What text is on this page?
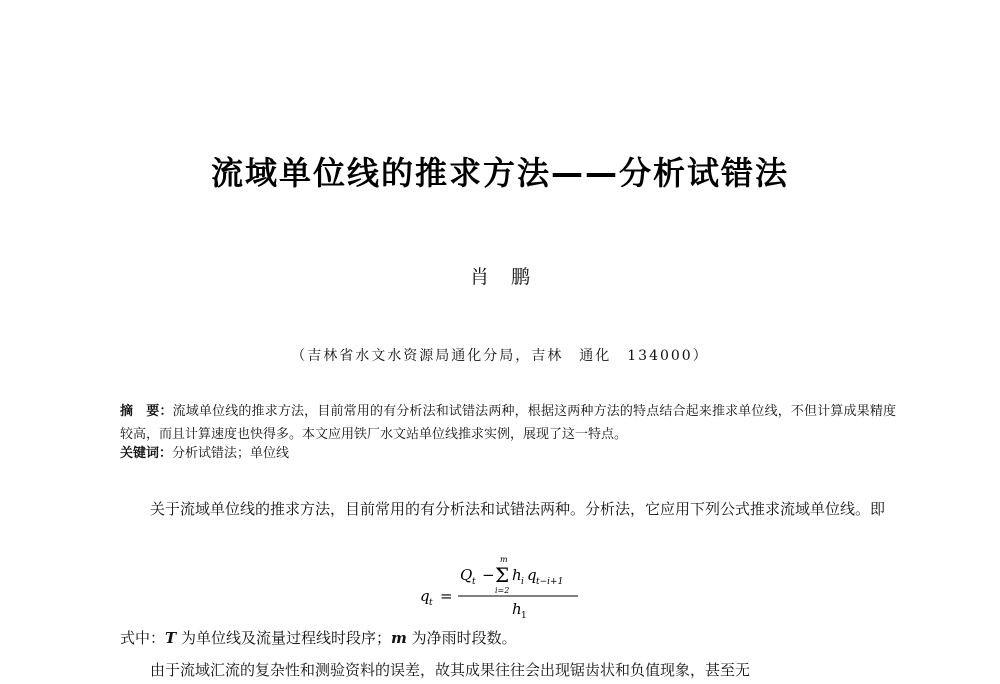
流域单位线的推求方法——分析试错法
肖鹏
（吉林省水文水资源局通化分局，吉林　通化　134000）
摘　要：流域单位线的推求方法，目前常用的有分析法和试错法两种，根据这两种方法的特点结合起来推求单位线，不但计算成果精度较高，而且计算速度也快得多。本文应用铁厂水文站单位线推求实例，展现了这一特点。
关键词：分析试错法；单位线
关于流域单位线的推求方法，目前常用的有分析法和试错法两种。分析法，它应用下列公式推求流域单位线。即
q t =
Q t −
m
Σ
i=2
h i q t−i+1
h 1
式中：T 为单位线及流量过程线时段序；m 为净雨时段数。
由于流域汇流的复杂性和测验资料的误差，故其成果往往会出现锯齿状和负值现象，甚至无
